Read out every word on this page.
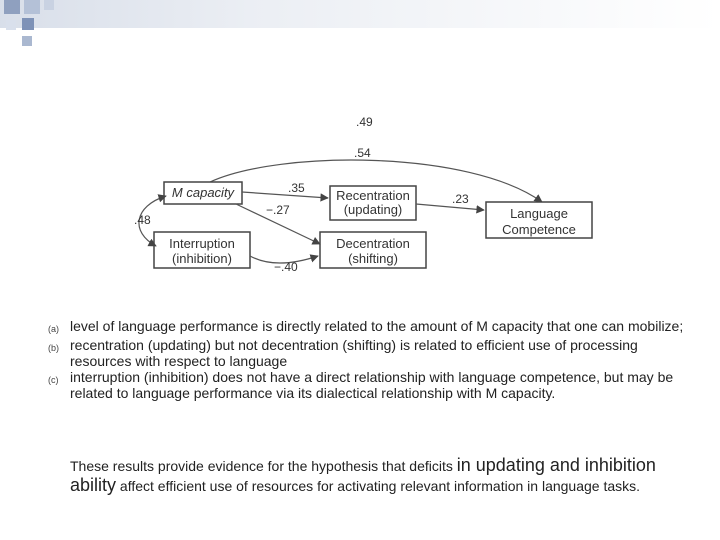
.49
.54
M capacity	Recentration
(updating)	Language
Competence
Interruption
(inhibition)
Decentration
(shifting)
.35
−.27
.23
.48
−.40
(a) level of language performance is directly related to the amount of M capacity that one can mobilize;
(b) recentration (updating) but not decentration (shifting) is related to efficient use of processing resources with respect to language
(c) interruption (inhibition) does not have a direct relationship with language competence, but may be related to language performance via its dialectical relationship with M capacity.
These results provide evidence for the hypothesis that deficits in updating and inhibition ability affect efficient use of resources for activating relevant information in language tasks.
